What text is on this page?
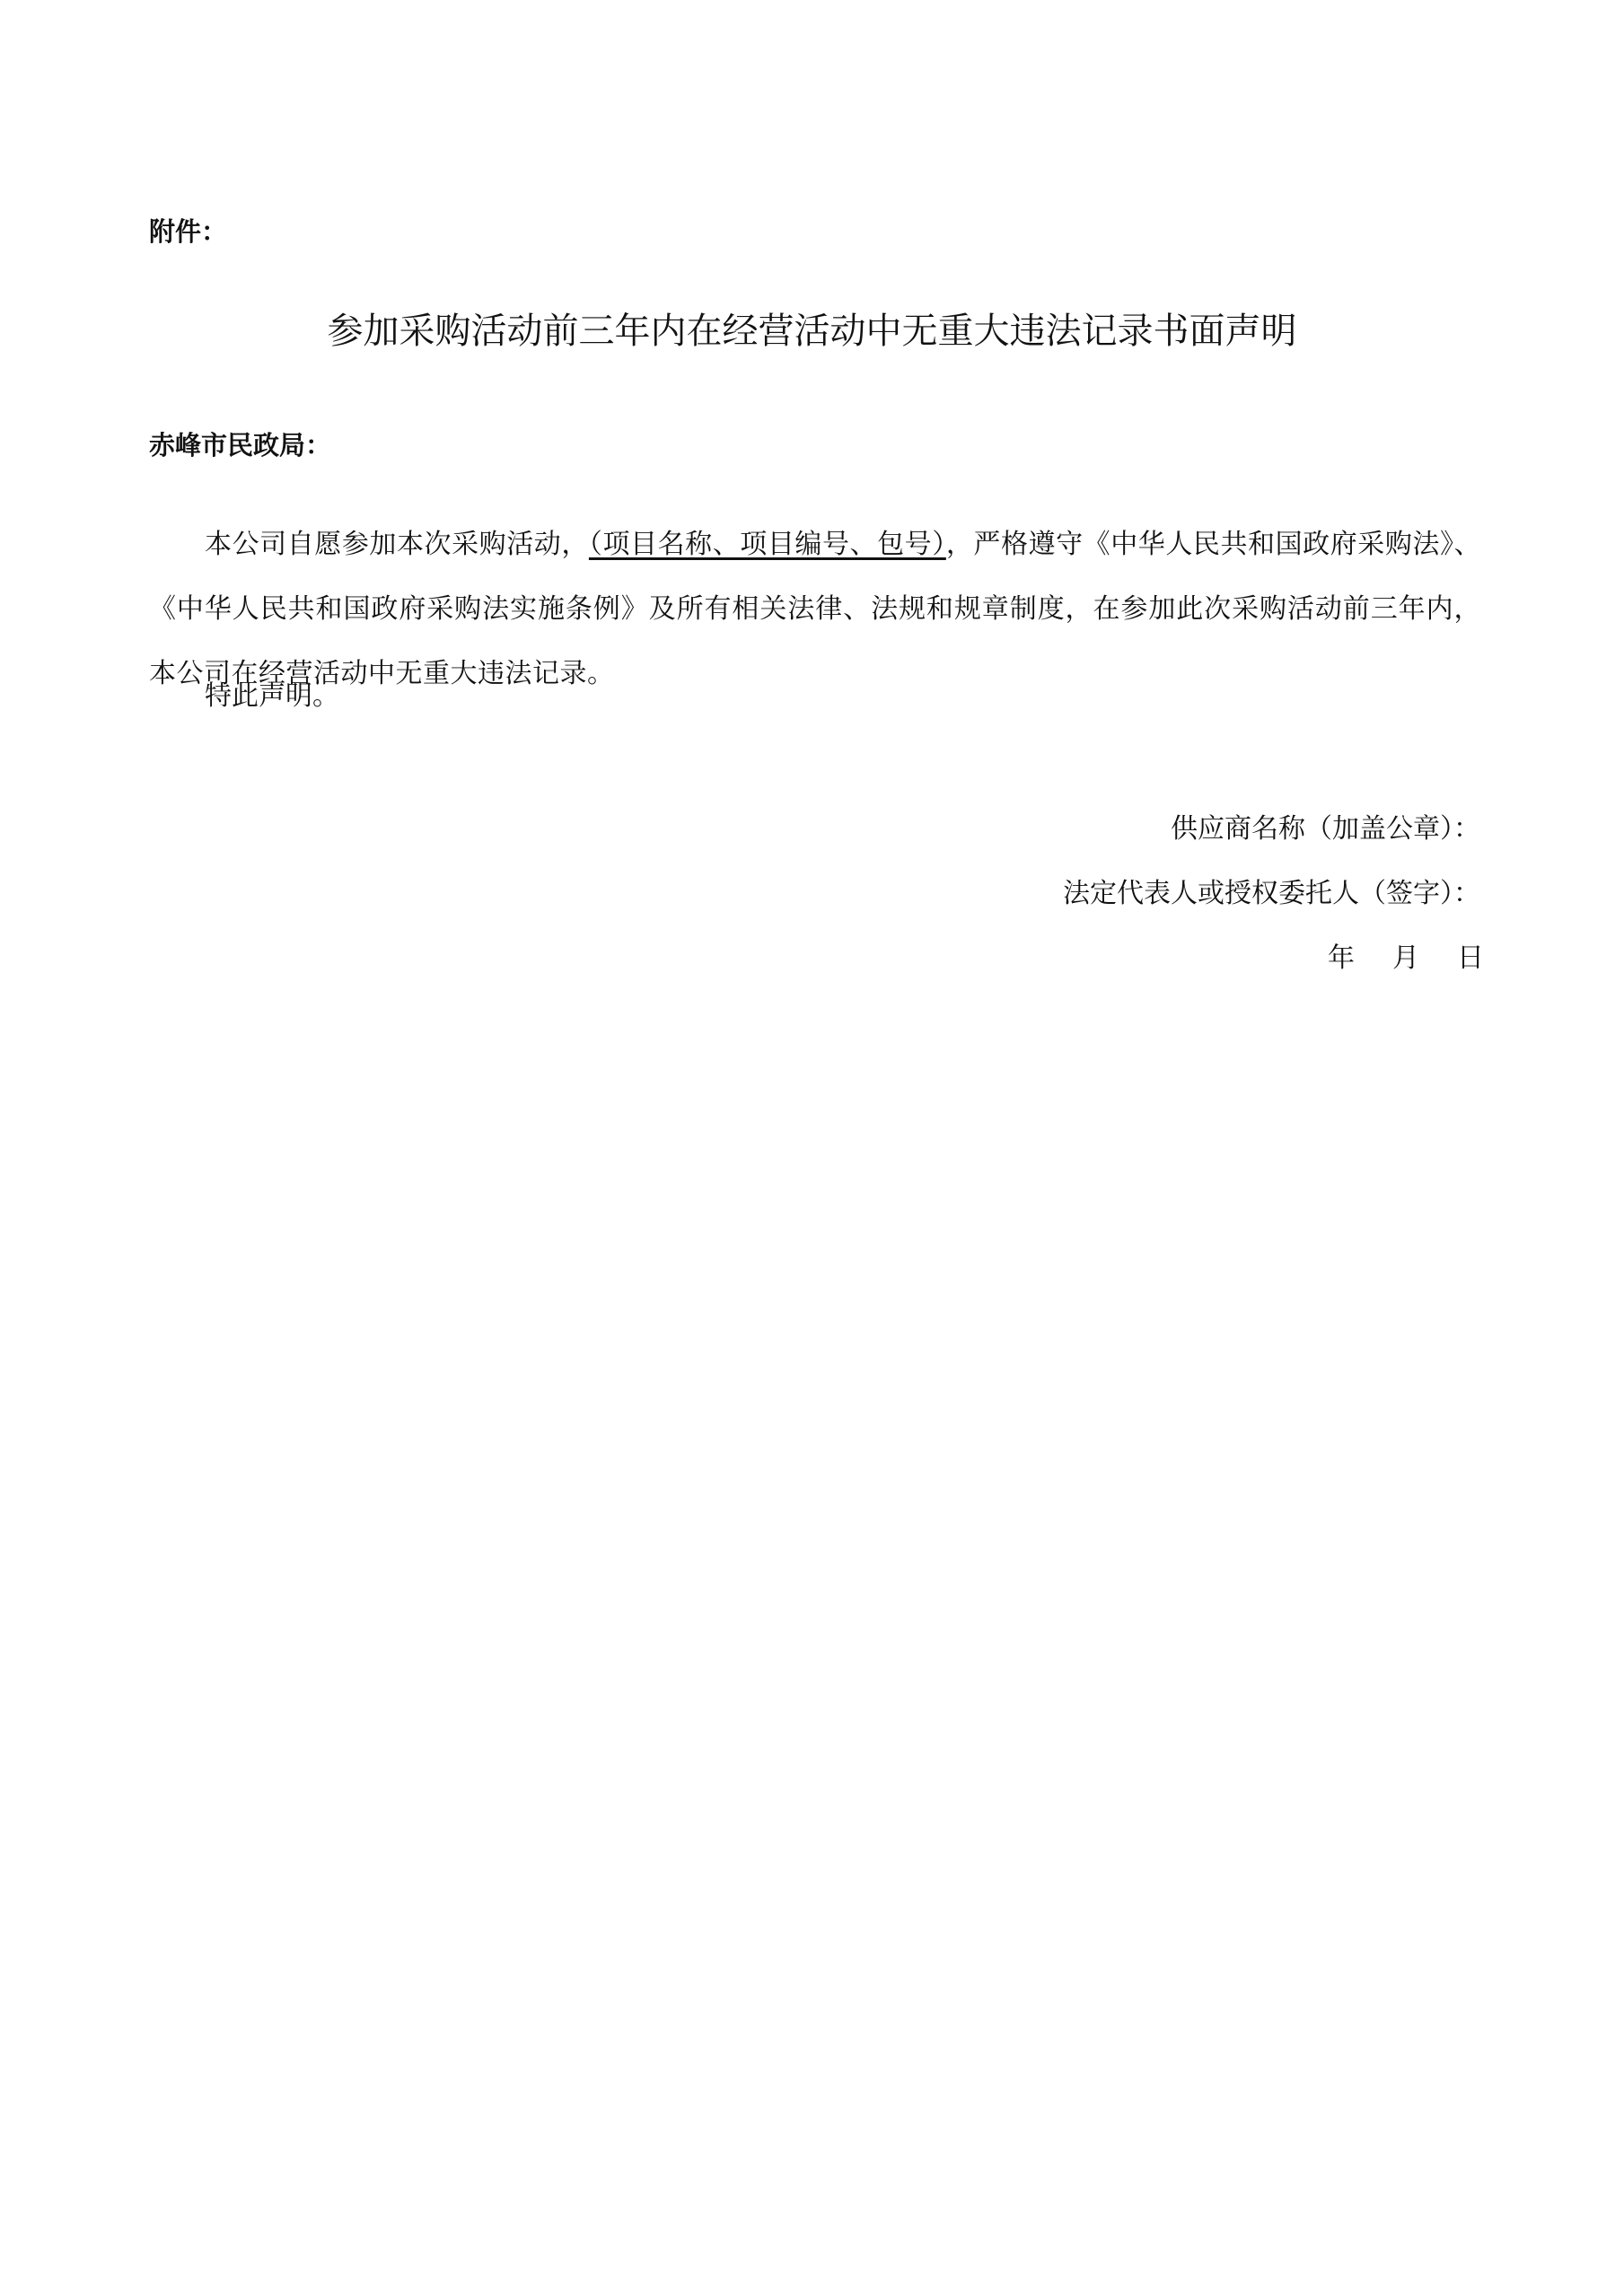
附件：
参加采购活动前三年内在经营活动中无重大违法记录书面声明
赤峰市民政局：

本公司自愿参加本次采购活动，（项目名称、项目编号、包号），严格遵守《中华人民共和国政府采购法》、《中华人民共和国政府采购法实施条例》及所有相关法律、法规和规章制度，在参加此次采购活动前三年内，本公司在经营活动中无重大违法记录。

特此声明。
供应商名称（加盖公章）：
法定代表人或授权委托人（签字）：
年 月 日
